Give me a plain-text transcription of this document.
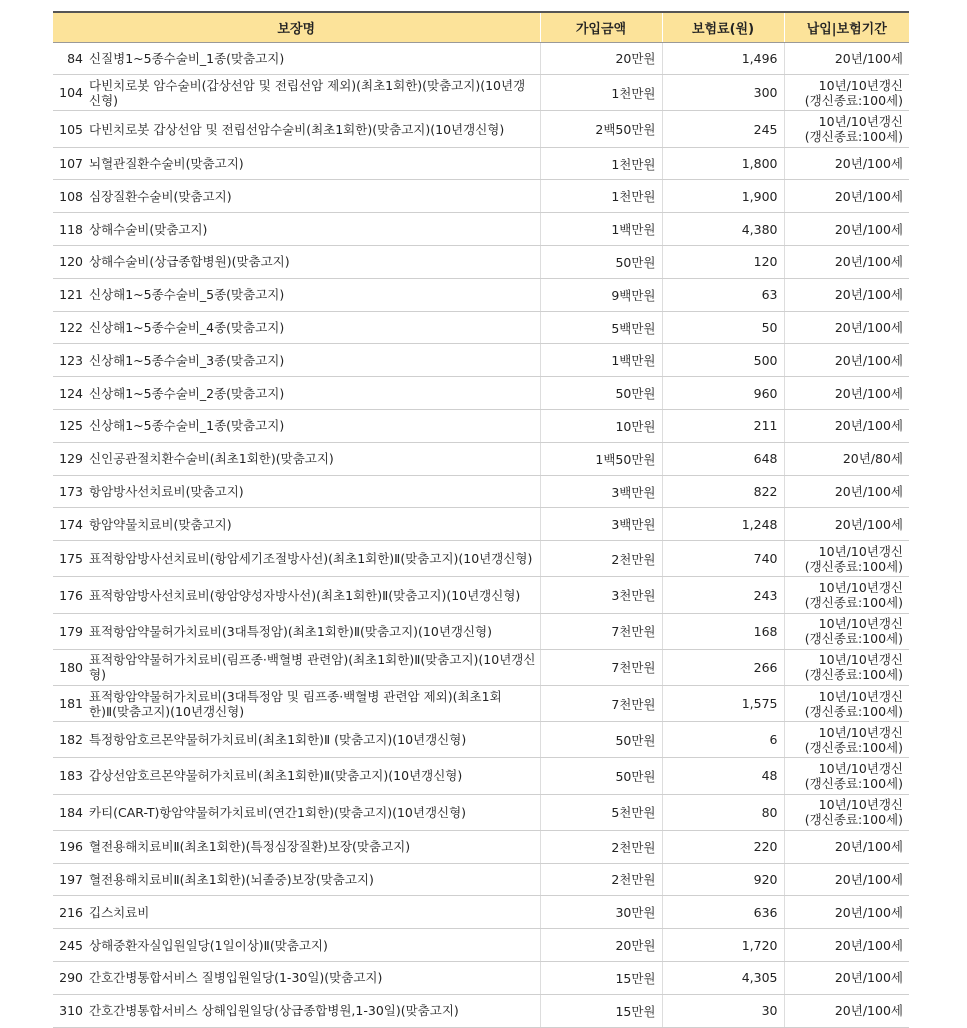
보장명		가입금액	보험료(원)	납입|보험기간
84	신질병1~5종수술비_1종(맞춤고지)	20만원	1,496	20년/100세
104	다빈치로봇 암수술비(갑상선암 및 전립선암 제외)(최초1회한)(맞춤고지)(10년갱신형)	1천만원	300	10년/10년갱신
(갱신종료:100세)

105	다빈치로봇 갑상선암 및 전립선암수술비(최초1회한)(맞춤고지)(10년갱신형)	2백50만원	245	10년/10년갱신
(갱신종료:100세)

107	뇌혈관질환수술비(맞춤고지)	1천만원	1,800	20년/100세
108	심장질환수술비(맞춤고지)	1천만원	1,900	20년/100세
118	상해수술비(맞춤고지)	1백만원	4,380	20년/100세
120	상해수술비(상급종합병원)(맞춤고지)	50만원	120	20년/100세
121	신상해1~5종수술비_5종(맞춤고지)	9백만원	63	20년/100세
122	신상해1~5종수술비_4종(맞춤고지)	5백만원	50	20년/100세
123	신상해1~5종수술비_3종(맞춤고지)	1백만원	500	20년/100세
124	신상해1~5종수술비_2종(맞춤고지)	50만원	960	20년/100세
125	신상해1~5종수술비_1종(맞춤고지)	10만원	211	20년/100세
129	신인공관절치환수술비(최초1회한)(맞춤고지)	1백50만원	648	20년/80세
173	항암방사선치료비(맞춤고지)	3백만원	822	20년/100세
174	항암약물치료비(맞춤고지)	3백만원	1,248	20년/100세
175	표적항암방사선치료비(항암세기조절방사선)(최초1회한)Ⅱ(맞춤고지)(10년갱신형)	2천만원	740	10년/10년갱신
(갱신종료:100세)

176	표적항암방사선치료비(항암양성자방사선)(최초1회한)Ⅱ(맞춤고지)(10년갱신형)	3천만원	243	10년/10년갱신
(갱신종료:100세)

179	표적항암약물허가치료비(3대특정암)(최초1회한)Ⅱ(맞춤고지)(10년갱신형)	7천만원	168	10년/10년갱신
(갱신종료:100세)

180	표적항암약물허가치료비(림프종·백혈병 관련암)(최초1회한)Ⅱ(맞춤고지)(10년갱신형)	7천만원	266	10년/10년갱신
(갱신종료:100세)

181	표적항암약물허가치료비(3대특정암 및 림프종·백혈병 관련암 제외)(최초1회한)Ⅱ(맞춤고지)(10년갱신형)	7천만원	1,575	10년/10년갱신
(갱신종료:100세)

182	특정항암호르몬약물허가치료비(최초1회한)Ⅱ (맞춤고지)(10년갱신형)	50만원	6	10년/10년갱신
(갱신종료:100세)

183	갑상선암호르몬약물허가치료비(최초1회한)Ⅱ(맞춤고지)(10년갱신형)	50만원	48	10년/10년갱신
(갱신종료:100세)

184	카티(CAR-T)항암약물허가치료비(연간1회한)(맞춤고지)(10년갱신형)	5천만원	80	10년/10년갱신
(갱신종료:100세)

196	혈전용해치료비Ⅱ(최초1회한)(특정심장질환)보장(맞춤고지)	2천만원	220	20년/100세
197	혈전용해치료비Ⅱ(최초1회한)(뇌졸중)보장(맞춤고지)	2천만원	920	20년/100세
216	깁스치료비	30만원	636	20년/100세
245	상해중환자실입원일당(1일이상)Ⅱ(맞춤고지)	20만원	1,720	20년/100세
290	간호간병통합서비스 질병입원일당(1-30일)(맞춤고지)	15만원	4,305	20년/100세
310	간호간병통합서비스 상해입원일당(상급종합병원,1-30일)(맞춤고지)	15만원	30	20년/100세
